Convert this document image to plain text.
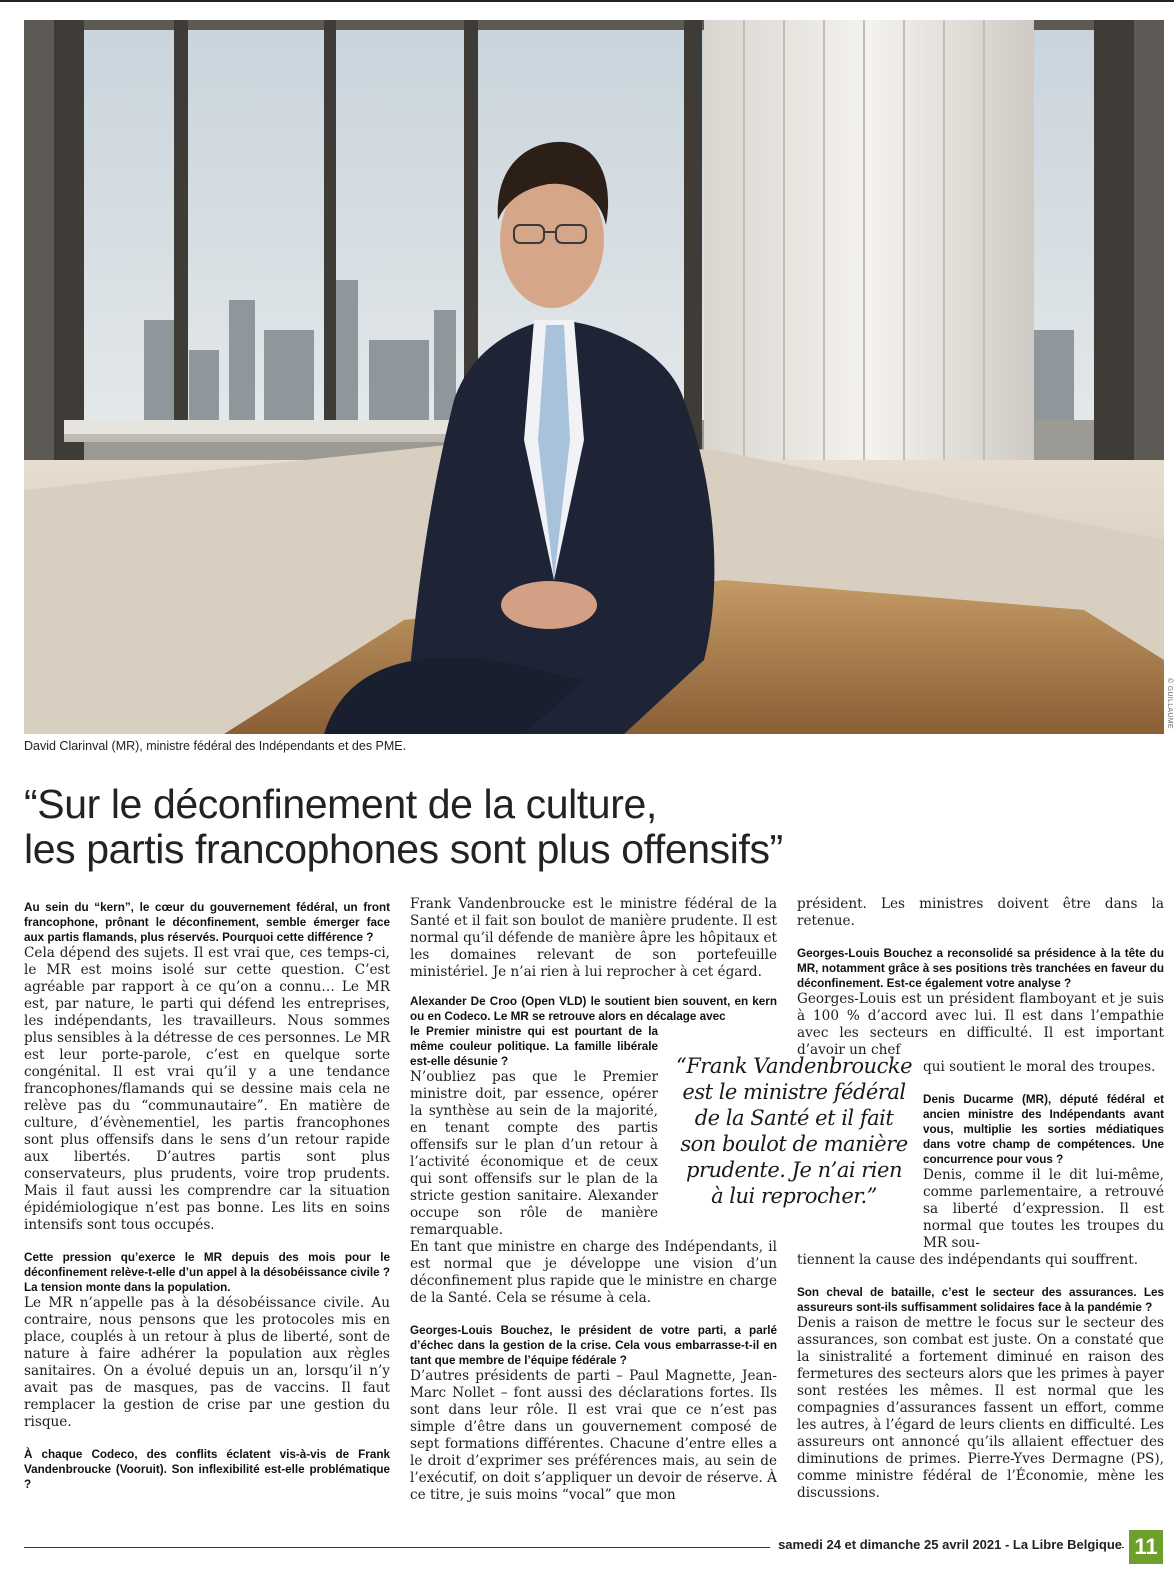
© GUILLAUME
David Clarinval (MR), ministre fédéral des Indépendants et des PME.
“Sur le déconfinement de la culture,
les partis francophones sont plus offensifs”

Au sein du “kern”, le cœur du gouvernement fédéral, un front francophone, prônant le déconfinement, semble émerger face aux partis flamands, plus réservés. Pourquoi cette différence ?

Cela dépend des sujets. Il est vrai que, ces temps-ci, le MR est moins isolé sur cette question. C’est agréable par rapport à ce qu’on a connu… Le MR est, par nature, le parti qui défend les entreprises, les indépendants, les travailleurs. Nous sommes plus sensibles à la détresse de ces personnes. Le MR est leur porte-parole, c’est en quelque sorte congénital. Il est vrai qu’il y a une tendance francophones/flamands qui se dessine mais cela ne relève pas du “communautaire”. En matière de culture, d’évènementiel, les partis francophones sont plus offensifs dans le sens d’un retour rapide aux libertés. D’autres partis sont plus conservateurs, plus prudents, voire trop prudents. Mais il faut aussi les comprendre car la situation épidémiologique n’est pas bonne. Les lits en soins intensifs sont tous occupés.

Cette pression qu’exerce le MR depuis des mois pour le déconfinement relève-t-elle d’un appel à la désobéissance civile ? La tension monte dans la population.

Le MR n’appelle pas à la désobéissance civile. Au contraire, nous pensons que les protocoles mis en place, couplés à un retour à plus de liberté, sont de nature à faire adhérer la population aux règles sanitaires. On a évolué depuis un an, lorsqu’il n’y avait pas de masques, pas de vaccins. Il faut remplacer la gestion de crise par une gestion du risque.

À chaque Codeco, des conflits éclatent vis-à-vis de Frank Vandenbroucke (Vooruit). Son inflexibilité est-elle problématique ?

Frank Vandenbroucke est le ministre fédéral de la Santé et il fait son boulot de manière prudente. Il est normal qu’il défende de manière âpre les hôpitaux et les domaines relevant de son portefeuille ministériel. Je n’ai rien à lui reprocher à cet égard.

Alexander De Croo (Open VLD) le soutient bien souvent, en kern ou en Codeco. Le MR se retrouve alors en décalage avec

le Premier ministre qui est pourtant de la même couleur politique. La famille libérale est-elle désunie ?

N’oubliez pas que le Premier ministre doit, par essence, opérer la synthèse au sein de la majorité, en tenant compte des partis offensifs sur le plan d’un retour à l’activité économique et de ceux qui sont offensifs sur le plan de la stricte gestion sanitaire. Alexander occupe son rôle de manière remarquable.

En tant que ministre en charge des Indépendants, il est normal que je développe une vision d’un déconfinement plus rapide que le ministre en charge de la Santé. Cela se résume à cela.

Georges-Louis Bouchez, le président de votre parti, a parlé d’échec dans la gestion de la crise. Cela vous embarrasse-t-il en tant que membre de l’équipe fédérale ?

D’autres présidents de parti – Paul Magnette, Jean-Marc Nollet – font aussi des déclarations fortes. Ils sont dans leur rôle. Il est vrai que ce n’est pas simple d’être dans un gouvernement composé de sept formations différentes. Chacune d’entre elles a le droit d’exprimer ses préférences mais, au sein de l’exécutif, on doit s’appliquer un devoir de réserve. À ce titre, je suis moins “vocal” que mon

“Frank Vandenbroucke
est le ministre fédéral
de la Santé et il fait
son boulot de manière
prudente. Je n’ai rien
à lui reprocher.”

président. Les ministres doivent être dans la retenue.

Georges-Louis Bouchez a reconsolidé sa présidence à la tête du MR, notamment grâce à ses positions très tranchées en faveur du déconfinement. Est-ce également votre analyse ?

Georges-Louis est un président flamboyant et je suis à 100 % d’accord avec lui. Il est dans l’empathie avec les secteurs en difficulté. Il est important d’avoir un chef

qui soutient le moral des troupes.

Denis Ducarme (MR), député fédéral et ancien ministre des Indépendants avant vous, multiplie les sorties médiatiques dans votre champ de compétences. Une concurrence pour vous ?

Denis, comme il le dit lui-même, comme parlementaire, a retrouvé sa liberté d’expression. Il est normal que toutes les troupes du MR sou-

tiennent la cause des indépendants qui souffrent.

Son cheval de bataille, c’est le secteur des assurances. Les assureurs sont-ils suffisamment solidaires face à la pandémie ?

Denis a raison de mettre le focus sur le secteur des assurances, son combat est juste. On a constaté que la sinistralité a fortement diminué en raison des fermetures des secteurs alors que les primes à payer sont restées les mêmes. Il est normal que les compagnies d’assurances fassent un effort, comme les autres, à l’égard de leurs clients en difficulté. Les assureurs ont annoncé qu’ils allaient effectuer des diminutions de primes. Pierre-Yves Dermagne (PS), comme ministre fédéral de l’Économie, mène les discussions.

samedi 24 et dimanche 25 avril 2021 - La Libre Belgique 11
